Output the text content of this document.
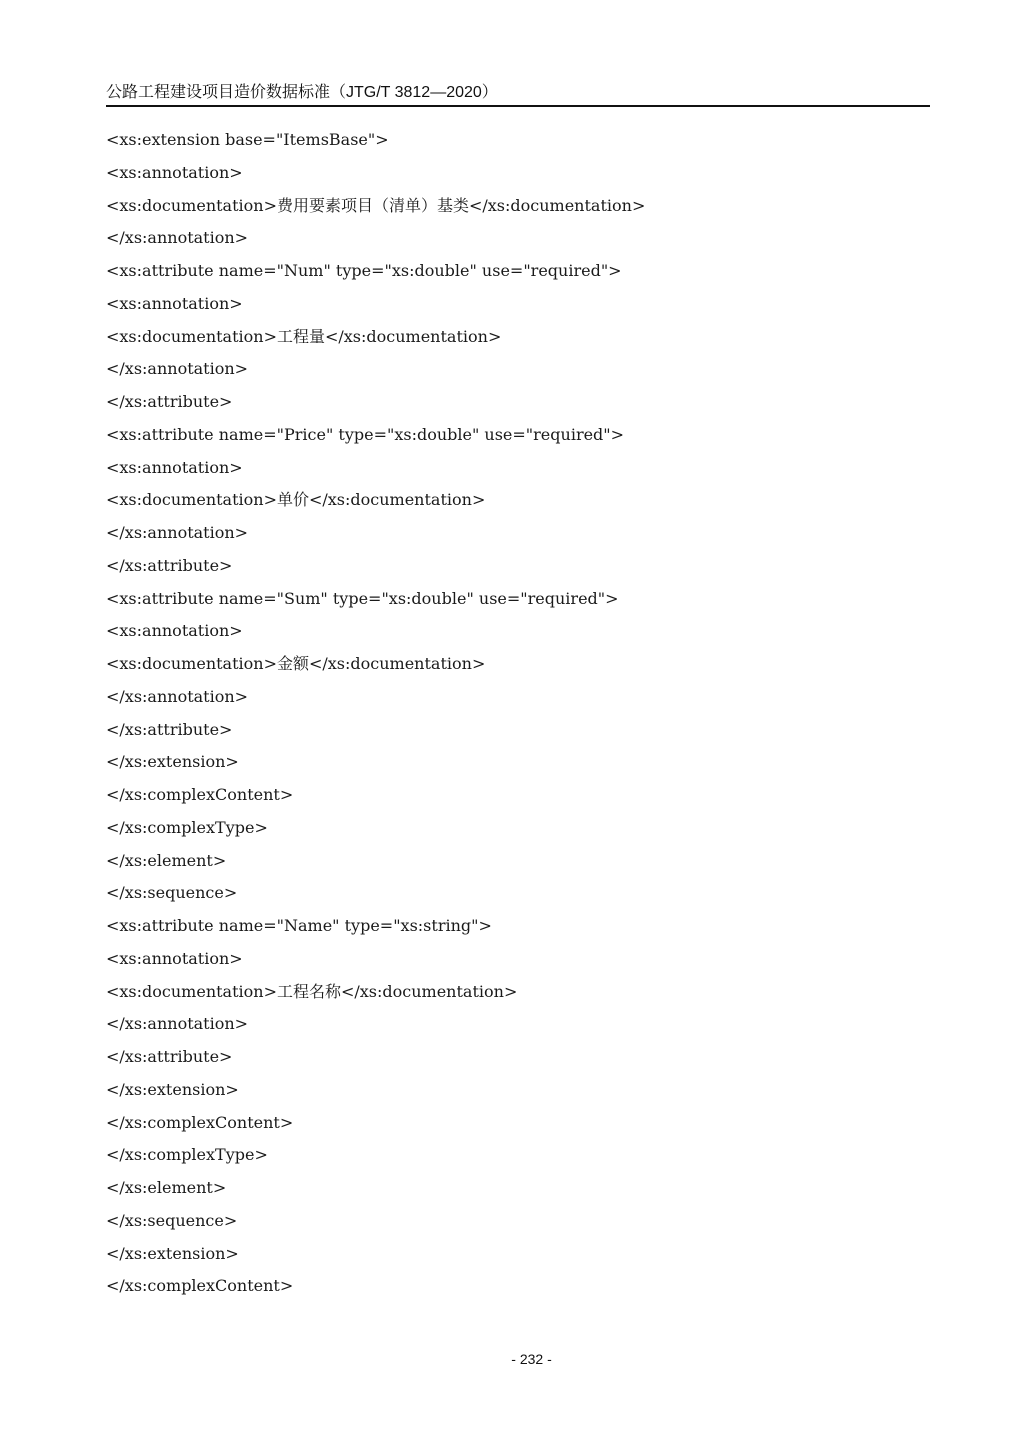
公路工程建设项目造价数据标准（JTG/T 3812—2020）
<xs:extension base="ItemsBase">
<xs:annotation>
<xs:documentation>费用要素项目（清单）基类</xs:documentation>
</xs:annotation>
<xs:attribute name="Num" type="xs:double" use="required">
<xs:annotation>
<xs:documentation>工程量</xs:documentation>
</xs:annotation>
</xs:attribute>
<xs:attribute name="Price" type="xs:double" use="required">
<xs:annotation>
<xs:documentation>单价</xs:documentation>
</xs:annotation>
</xs:attribute>
<xs:attribute name="Sum" type="xs:double" use="required">
<xs:annotation>
<xs:documentation>金额</xs:documentation>
</xs:annotation>
</xs:attribute>
</xs:extension>
</xs:complexContent>
</xs:complexType>
</xs:element>
</xs:sequence>
<xs:attribute name="Name" type="xs:string">
<xs:annotation>
<xs:documentation>工程名称</xs:documentation>
</xs:annotation>
</xs:attribute>
</xs:extension>
</xs:complexContent>
</xs:complexType>
</xs:element>
</xs:sequence>
</xs:extension>
</xs:complexContent>
- 232 -
